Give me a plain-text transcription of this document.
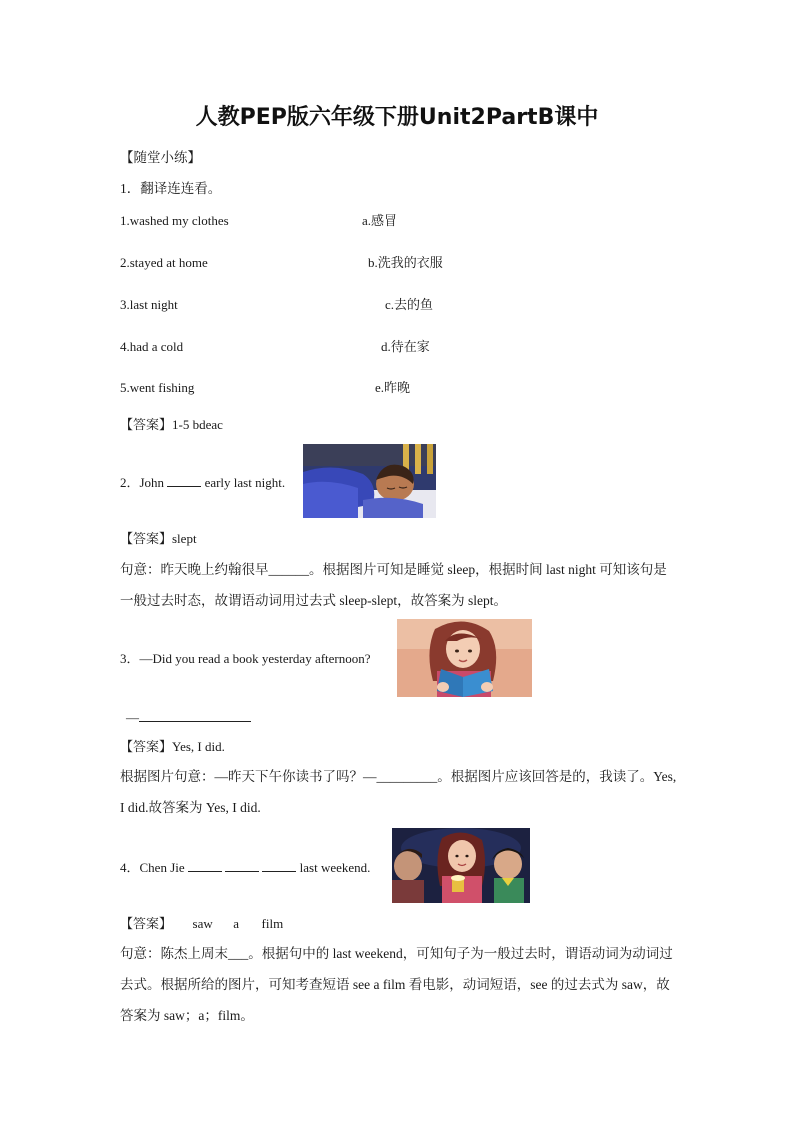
人教PEP版六年级下册Unit2PartB课中
【随堂小练】
1．翻译连连看。
1.washed my clothes	a.感冒
2.stayed at home	b.洗我的衣服
3.last night	c.去的鱼
4.had a cold	d.待在家
5.went fishing	e.昨晚
【答案】1-5 bdeac
2．John	early last night.
【答案】slept
句意：昨天晚上约翰很早______。根据图片可知是睡觉 sleep，根据时间 last night 可知该句是一般过去时态，故谓语动词用过去式 sleep-slept，故答案为 slept。
3．—Did you read a book yesterday afternoon?
—
【答案】Yes, I did.
根据图片句意：—昨天下午你读书了吗？—_________。根据图片应该回答是的，我读了。Yes, I did.故答案为 Yes, I did.
4．Chen Jie	last weekend.
【答案】 saw a film
句意：陈杰上周末___。根据句中的 last weekend，可知句子为一般过去时，谓语动词为动词过去式。根据所给的图片，可知考查短语 see a film 看电影，动词短语，see 的过去式为 saw，故答案为 saw；a；film。
